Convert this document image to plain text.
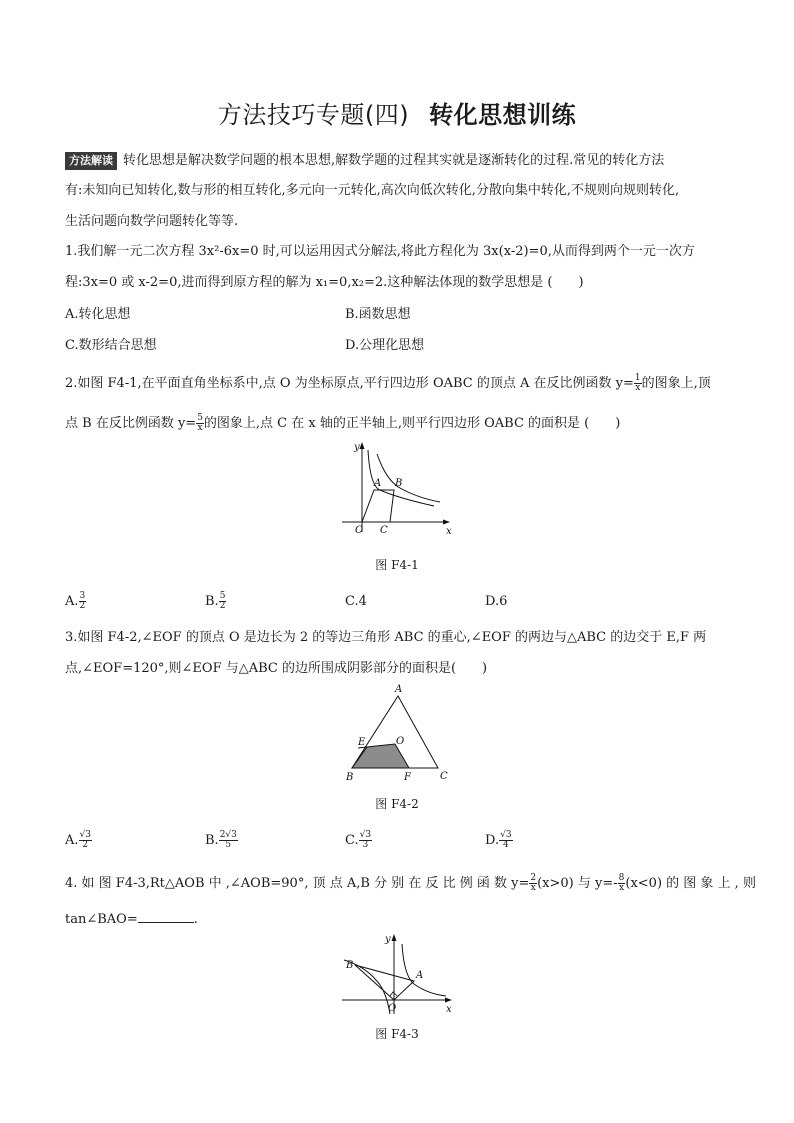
方法技巧专题(四) 转化思想训练
方法解读 转化思想是解决数学问题的根本思想,解数学题的过程其实就是逐渐转化的过程.常见的转化方法
有:未知向已知转化,数与形的相互转化,多元向一元转化,高次向低次转化,分散向集中转化,不规则向规则转化,
生活问题向数学问题转化等等.
1.我们解一元二次方程 3x²-6x=0 时,可以运用因式分解法,将此方程化为 3x(x-2)=0,从而得到两个一元一次方
程:3x=0 或 x-2=0,进而得到原方程的解为 x₁=0,x₂=2.这种解法体现的数学思想是 (　　)
A.转化思想	B.函数思想
C.数形结合思想	D.公理化思想
2.如图 F4-1,在平面直角坐标系中,点 O 为坐标原点,平行四边形 OABC 的顶点 A 在反比例函数 $y= \frac{1}{x}$ 的图象上,顶
点 B 在反比例函数 $y= \frac{5}{x}$ 的图象上,点 C 在 x 轴的正半轴上,则平行四边形 OABC 的面积是 (　　)
y
x
O
A B
C
图 F4-1
A. $\frac{3}{2}$	B. $\frac{5}{2}$	C.4	D.6
3.如图 F4-2,∠EOF 的顶点 O 是边长为 2 的等边三角形 ABC 的重心,∠EOF 的两边与△ABC 的边交于 E,F 两
点,∠EOF=120°,则∠EOF 与△ABC 的边所围成阴影部分的面积是(　　)
A
B	C
E
F
O
图 F4-2
A. $\frac{√3}{2}$	B. $\frac{2√3}{5}$	C. $\frac{√3}{3}$	D. $\frac{√3}{4}$
4. 如 图 F4-3,Rt△AOB 中 ,∠AOB=90°, 顶 点 A,B 分 别 在 反 比 例 函 数 $y= \frac{2}{x} (x>0)$ 与 $y=- \frac{8}{x} (x<0)$ 的 图 象 上 , 则
tan∠BAO=	.
y
x
O
A
B
图 F4-3
